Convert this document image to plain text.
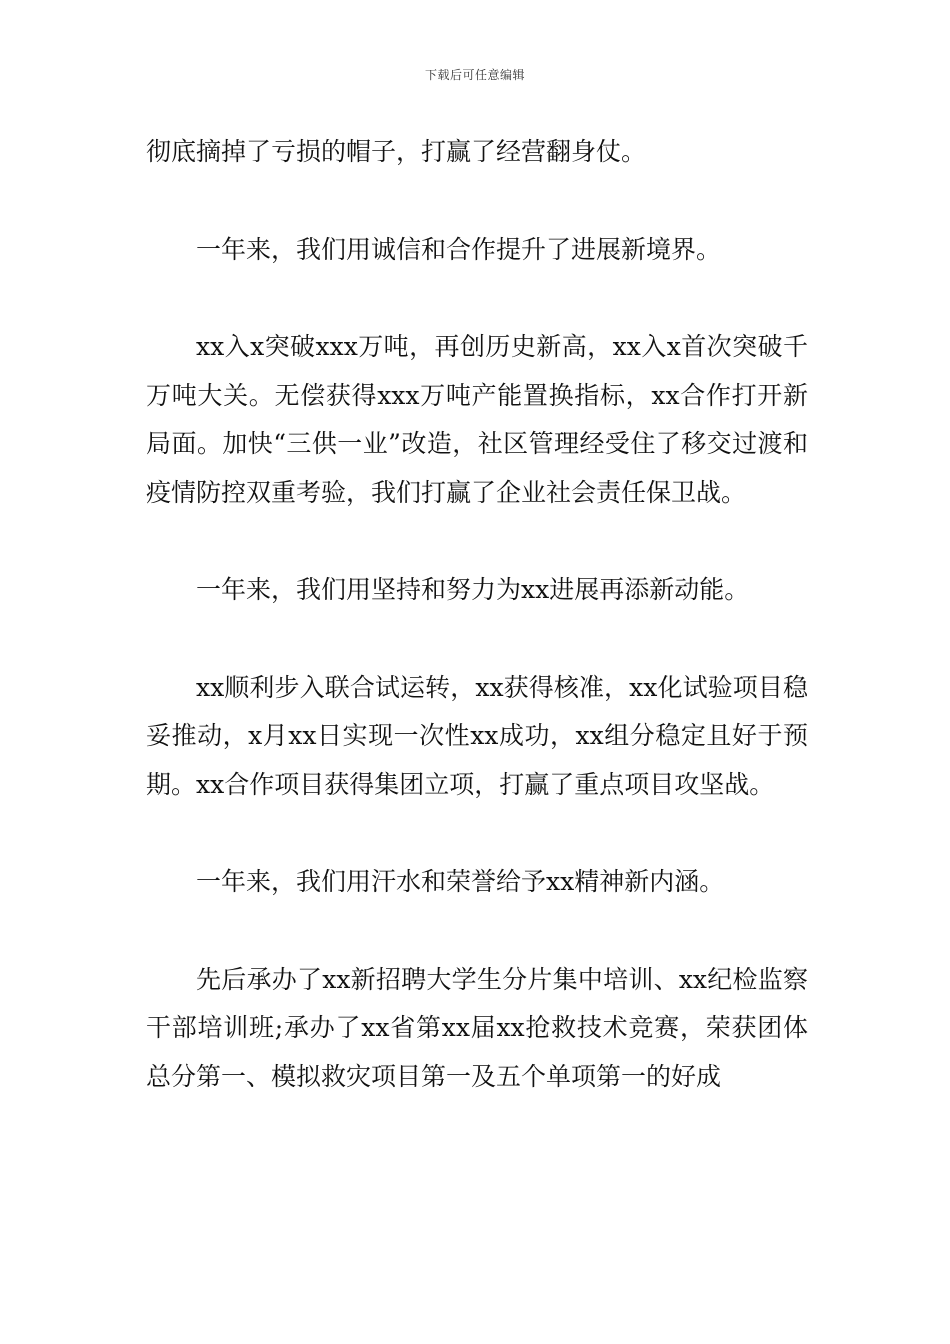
下载后可任意编辑

彻底摘掉了亏损的帽子，打赢了经营翻身仗。

一年来，我们用诚信和合作提升了进展新境界。

xx入x突破xxx万吨，再创历史新高，xx入x首次突破千万吨大关。无偿获得xxx万吨产能置换指标，xx合作打开新局面。加快“三供一业”改造，社区管理经受住了移交过渡和疫情防控双重考验，我们打赢了企业社会责任保卫战。

一年来，我们用坚持和努力为xx进展再添新动能。

xx顺利步入联合试运转，xx获得核准，xx化试验项目稳妥推动，x月xx日实现一次性xx成功，xx组分稳定且好于预期。xx合作项目获得集团立项，打赢了重点项目攻坚战。

一年来，我们用汗水和荣誉给予xx精神新内涵。

先后承办了xx新招聘大学生分片集中培训、xx纪检监察干部培训班;承办了xx省第xx届xx抢救技术竞赛，荣获团体总分第一、模拟救灾项目第一及五个单项第一的好成
